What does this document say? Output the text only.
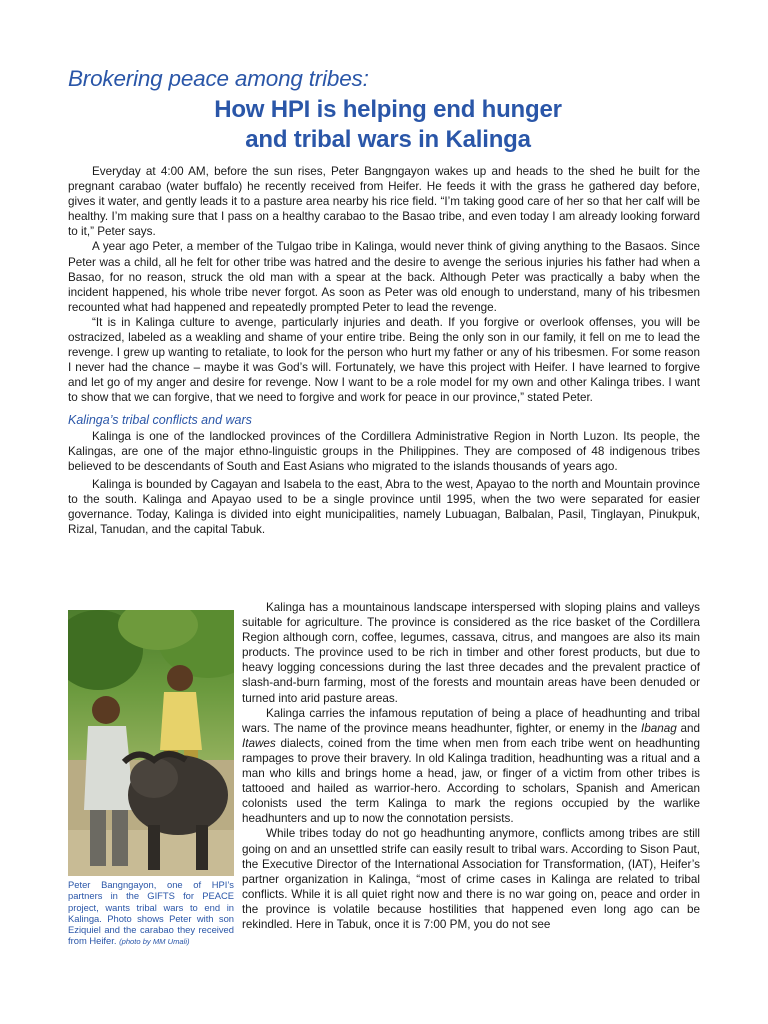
Brokering peace among tribes:
How HPI is helping end hunger
and tribal wars in Kalinga

Everyday at 4:00 AM, before the sun rises, Peter Bangngayon wakes up and heads to the shed he built for the pregnant carabao (water buffalo) he recently received from Heifer. He feeds it with the grass he gathered day before, gives it water, and gently leads it to a pasture area nearby his rice field. “I’m taking good care of her so that her calf will be healthy. I’m making sure that I pass on a healthy carabao to the Basao tribe, and even today I am already looking forward to it,” Peter says.

A year ago Peter, a member of the Tulgao tribe in Kalinga, would never think of giving anything to the Basaos. Since Peter was a child, all he felt for other tribe was hatred and the desire to avenge the serious injuries his father had when a Basao, for no reason, struck the old man with a spear at the back. Although Peter was practically a baby when the incident happened, his whole tribe never forgot. As soon as Peter was old enough to understand, many of his tribesmen recounted what had happened and repeatedly prompted Peter to lead the revenge.

“It is in Kalinga culture to avenge, particularly injuries and death. If you forgive or overlook offenses, you will be ostracized, labeled as a weakling and shame of your entire tribe. Being the only son in our family, it fell on me to lead the revenge. I grew up wanting to retaliate, to look for the person who hurt my father or any of his tribesmen. For some reason I never had the chance – maybe it was God’s will. Fortunately, we have this project with Heifer. I have learned to forgive and let go of my anger and desire for revenge. Now I want to be a role model for my own and other Kalinga tribes. I want to show that we can forgive, that we need to forgive and work for peace in our province,” stated Peter.

Kalinga’s tribal conflicts and wars

Kalinga is one of the landlocked provinces of the Cordillera Administrative Region in North Luzon. Its people, the Kalingas, are one of the major ethno-linguistic groups in the Philippines. They are composed of 48 indigenous tribes believed to be descendants of South and East Asians who migrated to the islands thousands of years ago.

Kalinga is bounded by Cagayan and Isabela to the east, Abra to the west, Apayao to the north and Mountain province to the south. Kalinga and Apayao used to be a single province until 1995, when the two were separated for easier governance. Today, Kalinga is divided into eight municipalities, namely Lubuagan, Balbalan, Pasil, Tinglayan, Pinukpuk, Rizal, Tanudan, and the capital Tabuk.

Peter Bangngayon, one of HPI’s partners in the GIFTS for PEACE project, wants tribal wars to end in Kalinga. Photo shows Peter with son Eziquiel and the carabao they received from Heifer. (photo by MM Umali)

Kalinga has a mountainous landscape interspersed with sloping plains and valleys suitable for agriculture. The province is considered as the rice basket of the Cordillera Region although corn, coffee, legumes, cassava, citrus, and mangoes are also its main products. The province used to be rich in timber and other forest products, but due to heavy logging concessions during the last three decades and the prevalent practice of slash-and-burn farming, most of the forests and mountain areas have been denuded or turned into arid pasture areas.

Kalinga carries the infamous reputation of being a place of headhunting and tribal wars. The name of the province means headhunter, fighter, or enemy in the Ibanag and Itawes dialects, coined from the time when men from each tribe went on headhunting rampages to prove their bravery. In old Kalinga tradition, headhunting was a ritual and a man who kills and brings home a head, jaw, or finger of a victim from other tribes is tattooed and hailed as warrior-hero. According to scholars, Spanish and American colonists used the term Kalinga to mark the regions occupied by the warlike headhunters and up to now the connotation persists.

While tribes today do not go headhunting anymore, conflicts among tribes are still going on and an unsettled strife can easily result to tribal wars. According to Sison Paut, the Executive Director of the International Association for Transformation, (IAT), Heifer’s partner organization in Kalinga, “most of crime cases in Kalinga are related to tribal conflicts. While it is all quiet right now and there is no war going on, peace and order in the province is volatile because hostilities that happened even long ago can be rekindled. Here in Tabuk, once it is 7:00 PM, you do not see
